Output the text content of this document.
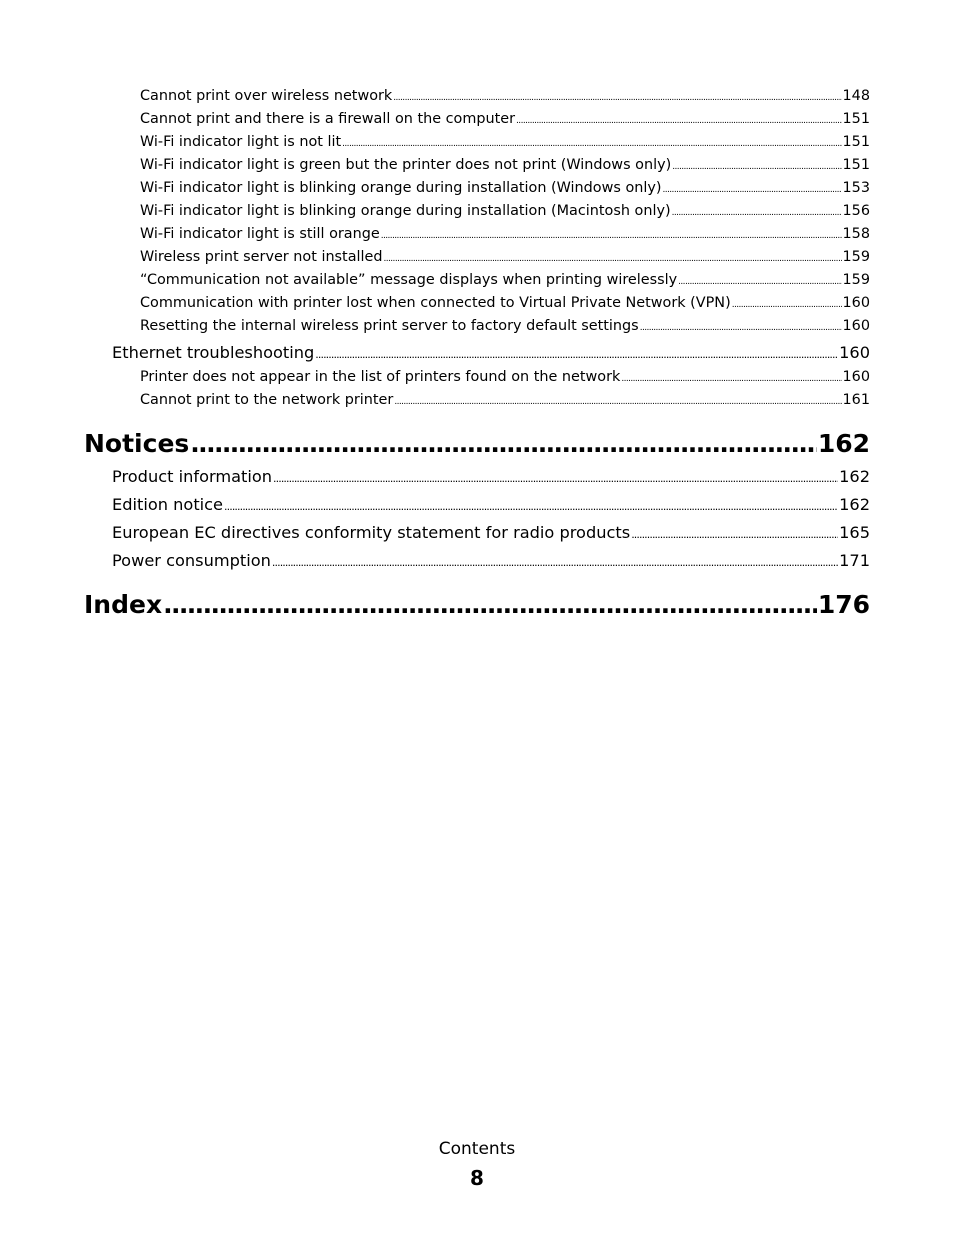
Cannot print over wireless network .....	148
Cannot print and there is a firewall on the computer .....	151
Wi-Fi indicator light is not lit .....	151
Wi-Fi indicator light is green but the printer does not print (Windows only) .....	151
Wi-Fi indicator light is blinking orange during installation (Windows only) .....	153
Wi-Fi indicator light is blinking orange during installation (Macintosh only) .....	156
Wi-Fi indicator light is still orange .....	158
Wireless print server not installed .....	159
“Communication not available” message displays when printing wirelessly .....	159
Communication with printer lost when connected to Virtual Private Network (VPN) .....	160
Resetting the internal wireless print server to factory default settings .....	160
Ethernet troubleshooting .....	160
Printer does not appear in the list of printers found on the network .....	160
Cannot print to the network printer .....	161
Notices .....	162
Product information .....	162
Edition notice .....	162
European EC directives conformity statement for radio products .....	165
Power consumption .....	171
Index .....	176
Contents
8
